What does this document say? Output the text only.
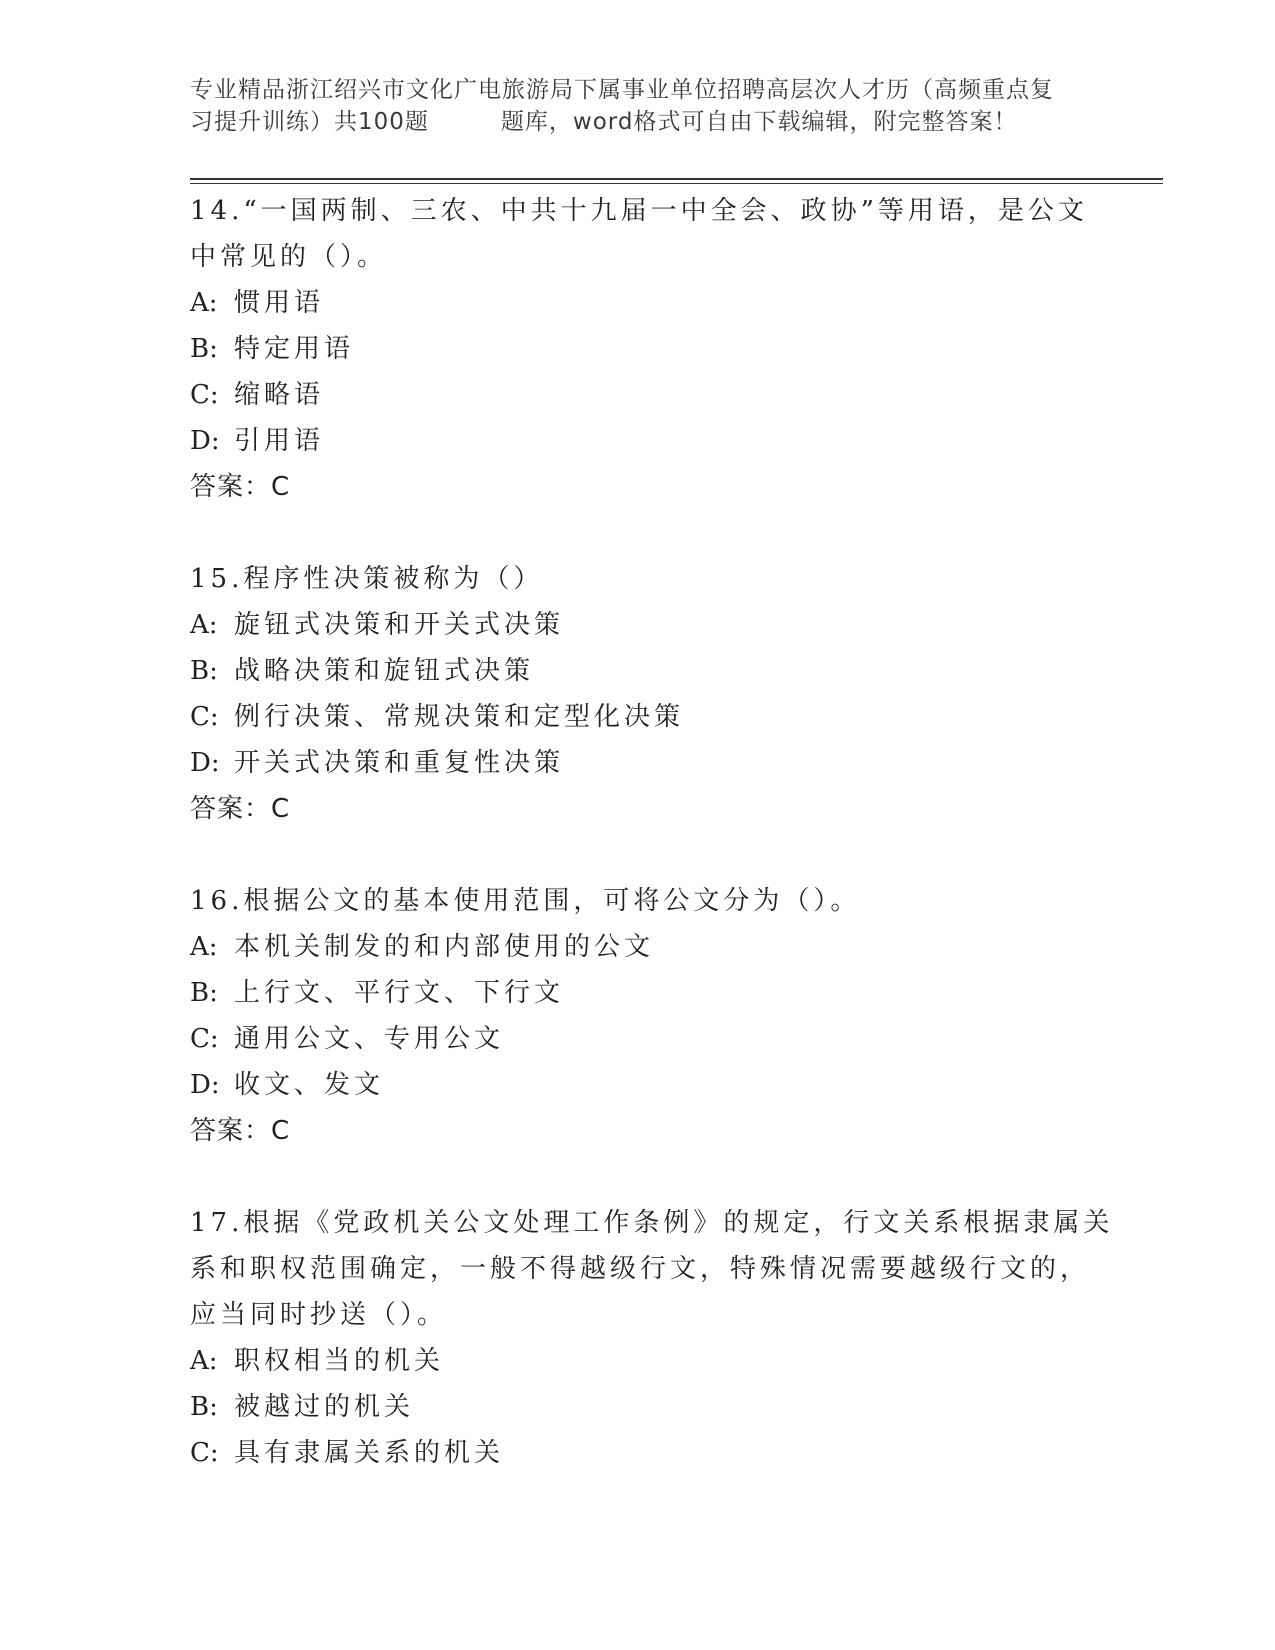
专业精品浙江绍兴市文化广电旅游局下属事业单位招聘高层次人才历（高频重点复
习提升训练）共100题	题库，word格式可自由下载编辑，附完整答案！
14.“一国两制、三农、中共十九届一中全会、政协”等用语，是公文
中常见的（）。
A: 惯用语
B: 特定用语
C: 缩略语
D: 引用语
答案：C
15.程序性决策被称为（）
A: 旋钮式决策和开关式决策
B: 战略决策和旋钮式决策
C: 例行决策、常规决策和定型化决策
D: 开关式决策和重复性决策
答案：C
16.根据公文的基本使用范围，可将公文分为（）。
A: 本机关制发的和内部使用的公文
B: 上行文、平行文、下行文
C: 通用公文、专用公文
D: 收文、发文
答案：C
17.根据《党政机关公文处理工作条例》的规定，行文关系根据隶属关
系和职权范围确定，一般不得越级行文，特殊情况需要越级行文的，
应当同时抄送（）。
A: 职权相当的机关
B: 被越过的机关
C: 具有隶属关系的机关
